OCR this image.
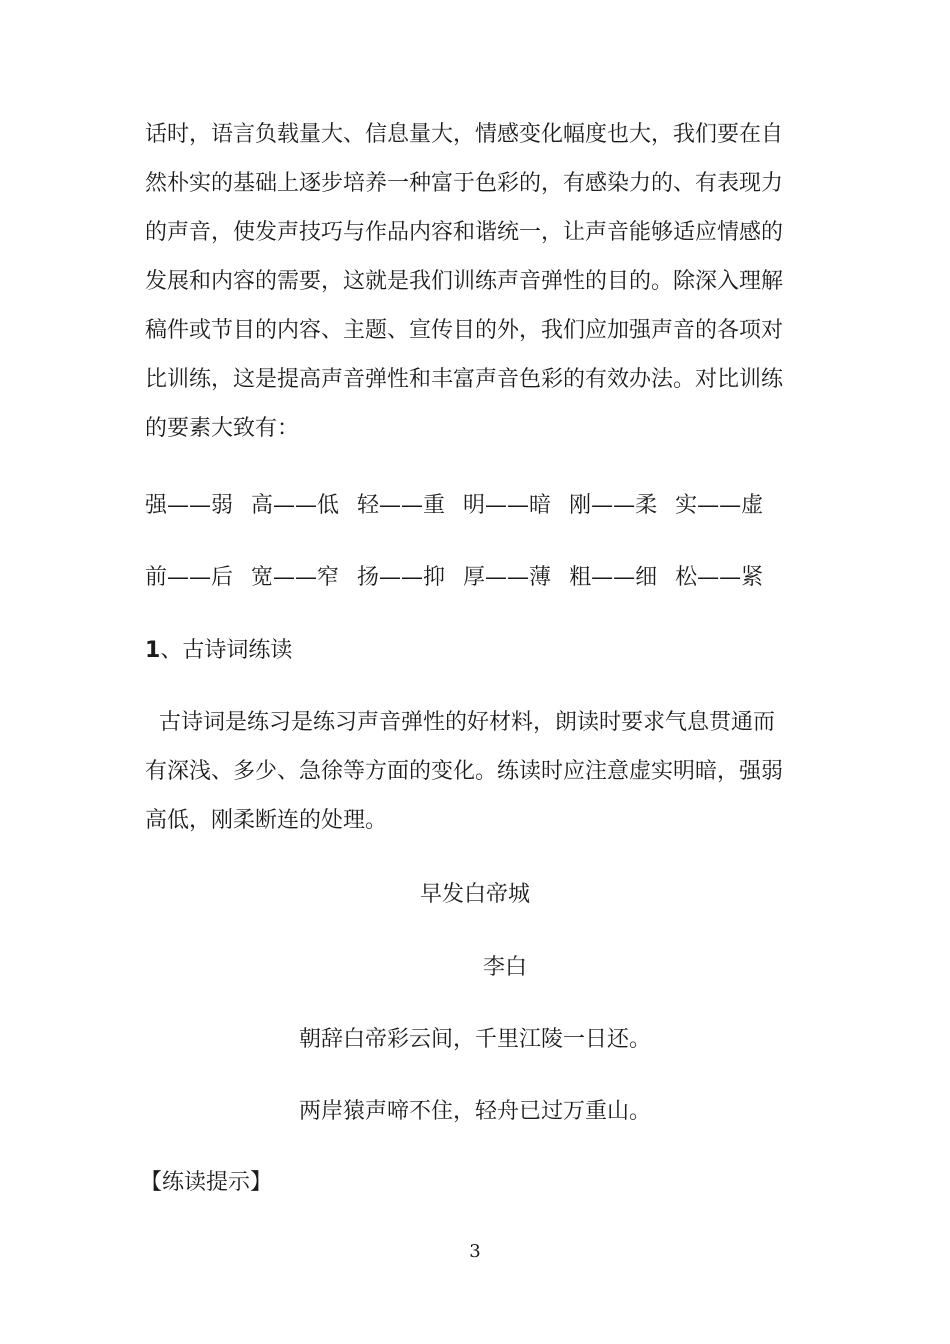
话时，语言负载量大、信息量大，情感变化幅度也大，我们要在自
然朴实的基础上逐步培养一种富于色彩的，有感染力的、有表现力
的声音，使发声技巧与作品内容和谐统一，让声音能够适应情感的
发展和内容的需要，这就是我们训练声音弹性的目的。除深入理解
稿件或节目的内容、主题、宣传目的外，我们应加强声音的各项对
比训练，这是提高声音弹性和丰富声音色彩的有效办法。对比训练
的要素大致有：
强——弱 高——低 轻——重 明——暗 刚——柔 实——虚
前——后 宽——窄 扬——抑 厚——薄 粗——细 松——紧
1、古诗词练读
古诗词是练习是练习声音弹性的好材料，朗读时要求气息贯通而
有深浅、多少、急徐等方面的变化。练读时应注意虚实明暗，强弱
高低，刚柔断连的处理。
早发白帝城
李白
朝辞白帝彩云间，千里江陵一日还。
两岸猿声啼不住，轻舟已过万重山。
【练读提示】
3
